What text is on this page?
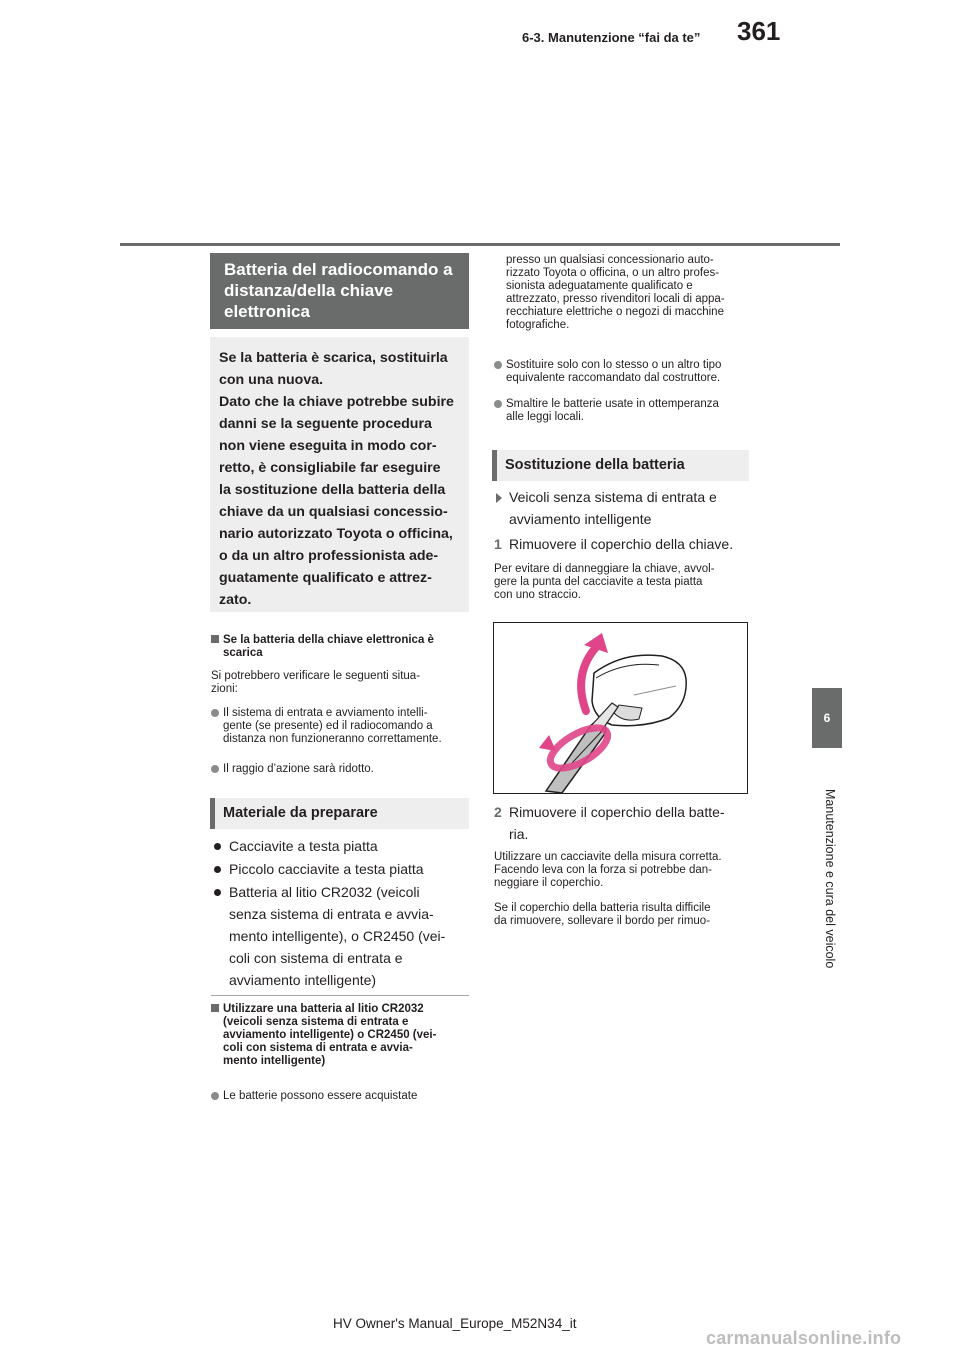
6-3. Manutenzione “fai da te” 361
6
Manutenzione e cura del veicolo
Batteria del radiocomando a distanza/della chiave elettronica
Se la batteria è scarica, sostituirla
con una nuova.
Dato che la chiave potrebbe subire
danni se la seguente procedura
non viene eseguita in modo cor-
retto, è consigliabile far eseguire
la sostituzione della batteria della
chiave da un qualsiasi concessio-
nario autorizzato Toyota o officina,
o da un altro professionista ade-
guatamente qualificato e attrez-
zato.
Se la batteria della chiave elettronica è
scarica
Si potrebbero verificare le seguenti situa-
zioni:
Il sistema di entrata e avviamento intelli-
gente (se presente) ed il radiocomando a
distanza non funzioneranno correttamente.
Il raggio d’azione sarà ridotto.
Materiale da preparare
Cacciavite a testa piatta
Piccolo cacciavite a testa piatta
Batteria al litio CR2032 (veicoli
senza sistema di entrata e avvia-
mento intelligente), o CR2450 (vei-
coli con sistema di entrata e
avviamento intelligente)
Utilizzare una batteria al litio CR2032
(veicoli senza sistema di entrata e
avviamento intelligente) o CR2450 (vei-
coli con sistema di entrata e avvia-
mento intelligente)
Le batterie possono essere acquistate
presso un qualsiasi concessionario auto-
rizzato Toyota o officina, o un altro profes-
sionista adeguatamente qualificato e
attrezzato, presso rivenditori locali di appa-
recchiature elettriche o negozi di macchine
fotografiche.
Sostituire solo con lo stesso o un altro tipo
equivalente raccomandato dal costruttore.
Smaltire le batterie usate in ottemperanza
alle leggi locali.
Sostituzione della batteria
Veicoli senza sistema di entrata e
avviamento intelligente
1 Rimuovere il coperchio della chiave.
Per evitare di danneggiare la chiave, avvol-
gere la punta del cacciavite a testa piatta
con uno straccio.
2 Rimuovere il coperchio della batte-
ria.
Utilizzare un cacciavite della misura corretta.
Facendo leva con la forza si potrebbe dan-
neggiare il coperchio.
Se il coperchio della batteria risulta difficile
da rimuovere, sollevare il bordo per rimuo-
HV Owner's Manual_Europe_M52N34_it
carmanualsonline.info
